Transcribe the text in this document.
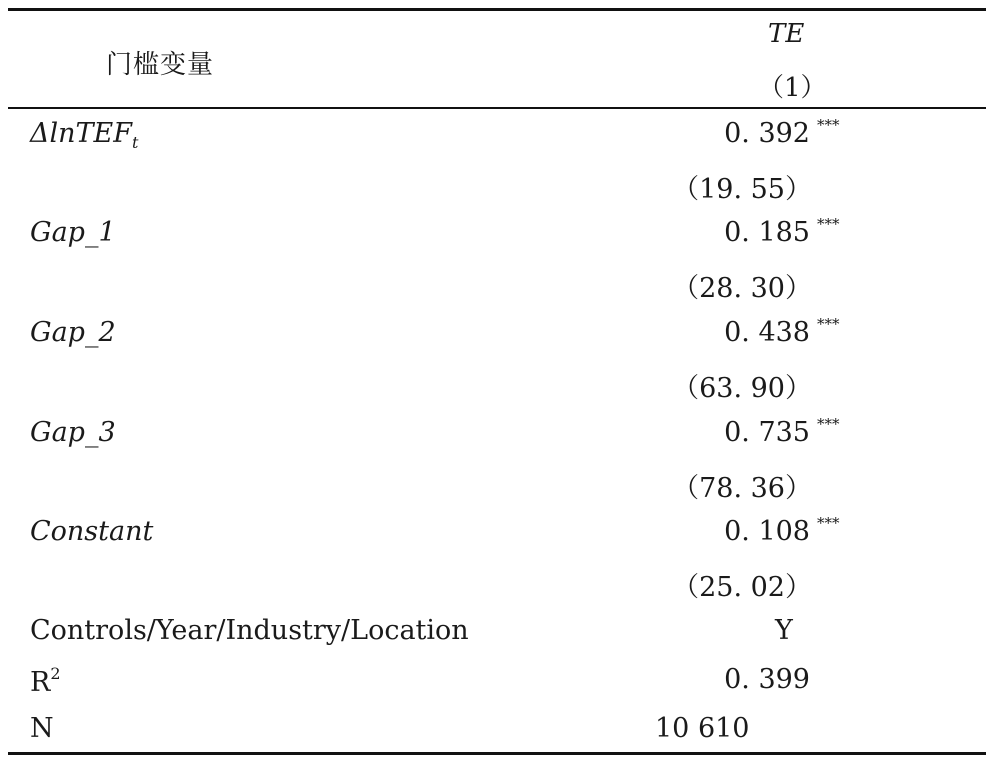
门槛变量
TE
（1）
ΔlnTEF$_t$	0. 392 ***
（19. 55）
Gap_1	0. 185 ***
（28. 30）
Gap_2	0. 438 ***
（63. 90）
Gap_3	0. 735 ***
（78. 36）
Constant	0. 108 ***
（25. 02）
Controls/Year/Industry/Location	Y
$R^2$	0. 399
N	10 610
